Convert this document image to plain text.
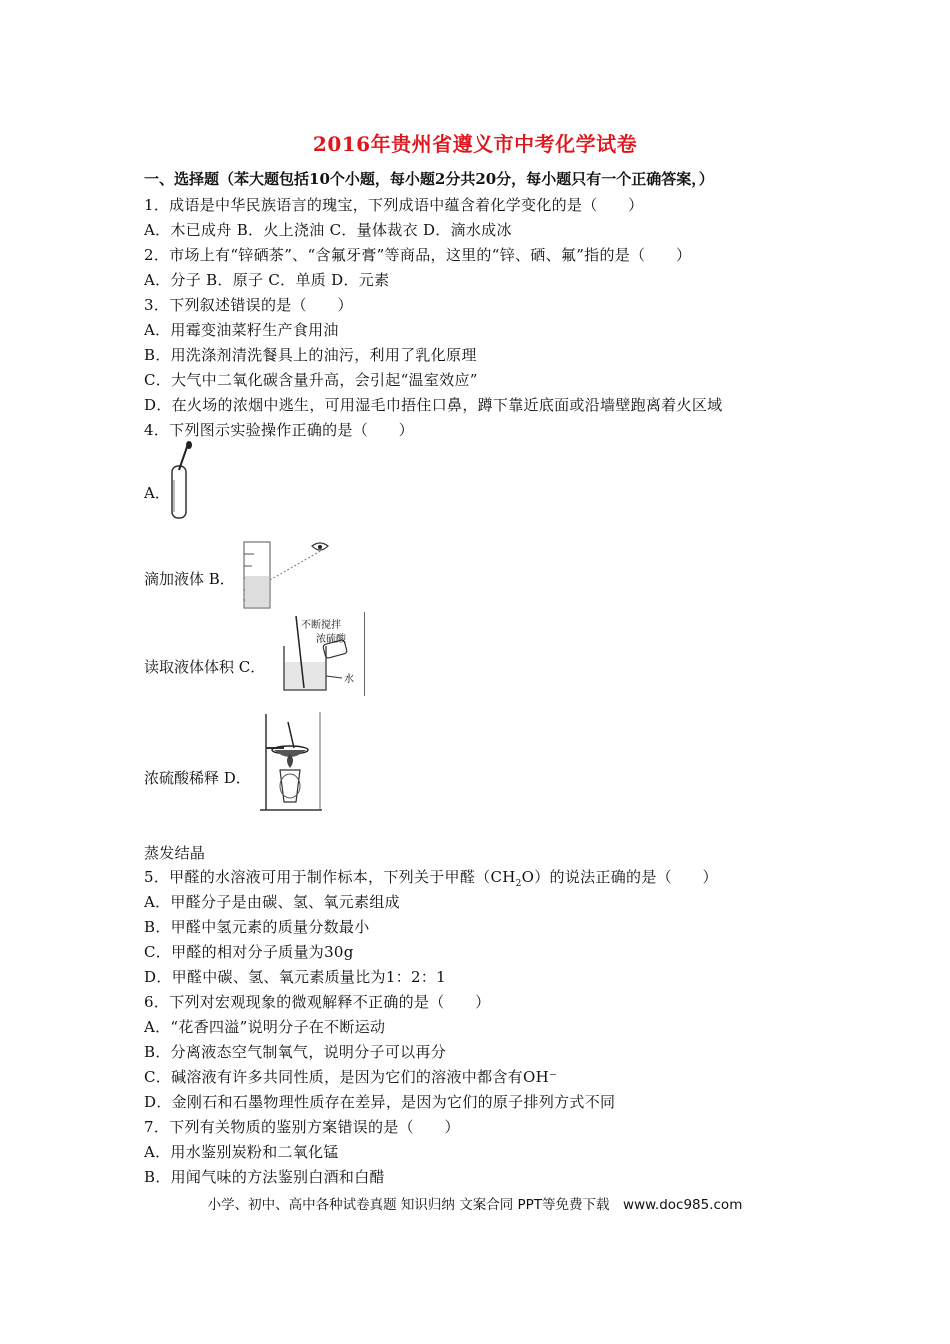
2016年贵州省遵义市中考化学试卷
一、选择题（苯大题包括10个小题，每小题2分共20分，每小题只有一个正确答案，）
1．成语是中华民族语言的瑰宝，下列成语中蕴含着化学变化的是（　　）
A．木已成舟 B．火上浇油 C．量体裁衣 D．滴水成冰
2．市场上有“锌硒茶”、“含氟牙膏”等商品，这里的“锌、硒、氟”指的是（　　）
A．分子 B．原子 C．单质 D．元素
3．下列叙述错误的是（　　）
A．用霉变油菜籽生产食用油
B．用洗涤剂清洗餐具上的油污，利用了乳化原理
C．大气中二氧化碳含量升高，会引起“温室效应”
D．在火场的浓烟中逃生，可用湿毛巾捂住口鼻，蹲下靠近底面或沿墙壁跑离着火区域
4．下列图示实验操作正确的是（　　）
A．
滴加液体 B．
读取液体体积 C．
不断搅拌
浓硫酸
水
浓硫酸稀释 D．
蒸发结晶
5．甲醛的水溶液可用于制作标本，下列关于甲醛$(CH_2O)$的说法正确的是（　　）
A．甲醛分子是由碳、氢、氧元素组成
B．甲醛中氢元素的质量分数最小
C．甲醛的相对分子质量为30g
D．甲醛中碳、氢、氧元素质量比为1：2：1
6．下列对宏观现象的微观解释不正确的是（　　）
A．“花香四溢”说明分子在不断运动
B．分离液态空气制氧气，说明分子可以再分
C．碱溶液有许多共同性质，是因为它们的溶液中都含有OH⁻
D．金刚石和石墨物理性质存在差异，是因为它们的原子排列方式不同
7．下列有关物质的鉴别方案错误的是（　　）
A．用水鉴别炭粉和二氧化锰
B．用闻气味的方法鉴别白酒和白醋
小学、初中、高中各种试卷真题 知识归纳 文案合同 PPT等免费下载　www.doc985.com
